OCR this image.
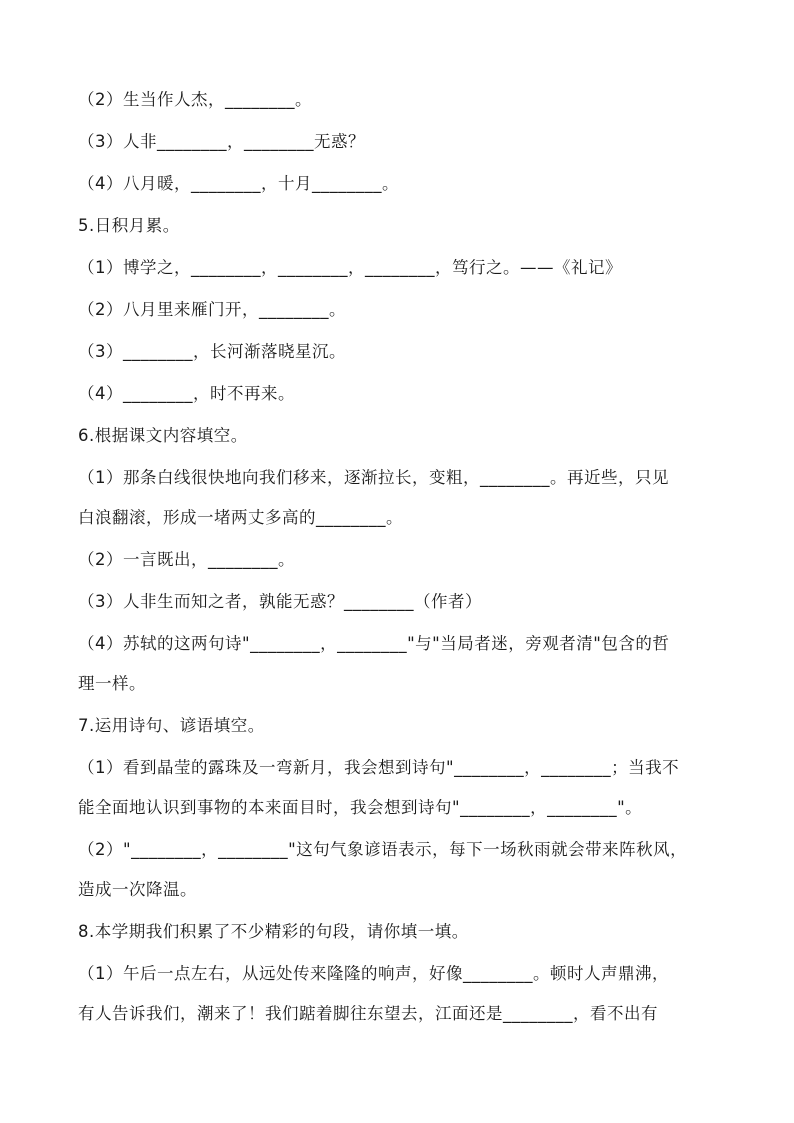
（2）生当作人杰，________。
（3）人非________，________无惑？
（4）八月暖，________，十月________。
5.日积月累。
（1）博学之，________，________，________，笃行之。——《礼记》
（2）八月里来雁门开，________。
（3）________，长河渐落晓星沉。
（4）________，时不再来。
6.根据课文内容填空。
（1）那条白线很快地向我们移来，逐渐拉长，变粗，________。再近些，只见
白浪翻滚，形成一堵两丈多高的________。
（2）一言既出，________。
（3）人非生而知之者，孰能无惑？________（作者）
（4）苏轼的这两句诗"________，________"与"当局者迷，旁观者清"包含的哲
理一样。
7.运用诗句、谚语填空。
（1）看到晶莹的露珠及一弯新月，我会想到诗句"________，________；当我不
能全面地认识到事物的本来面目时，我会想到诗句"________，________"。
（2）"________，________"这句气象谚语表示，每下一场秋雨就会带来阵秋风，
造成一次降温。
8.本学期我们积累了不少精彩的句段，请你填一填。
（1）午后一点左右，从远处传来隆隆的响声，好像________。顿时人声鼎沸，
有人告诉我们，潮来了！我们踮着脚往东望去，江面还是________，看不出有
